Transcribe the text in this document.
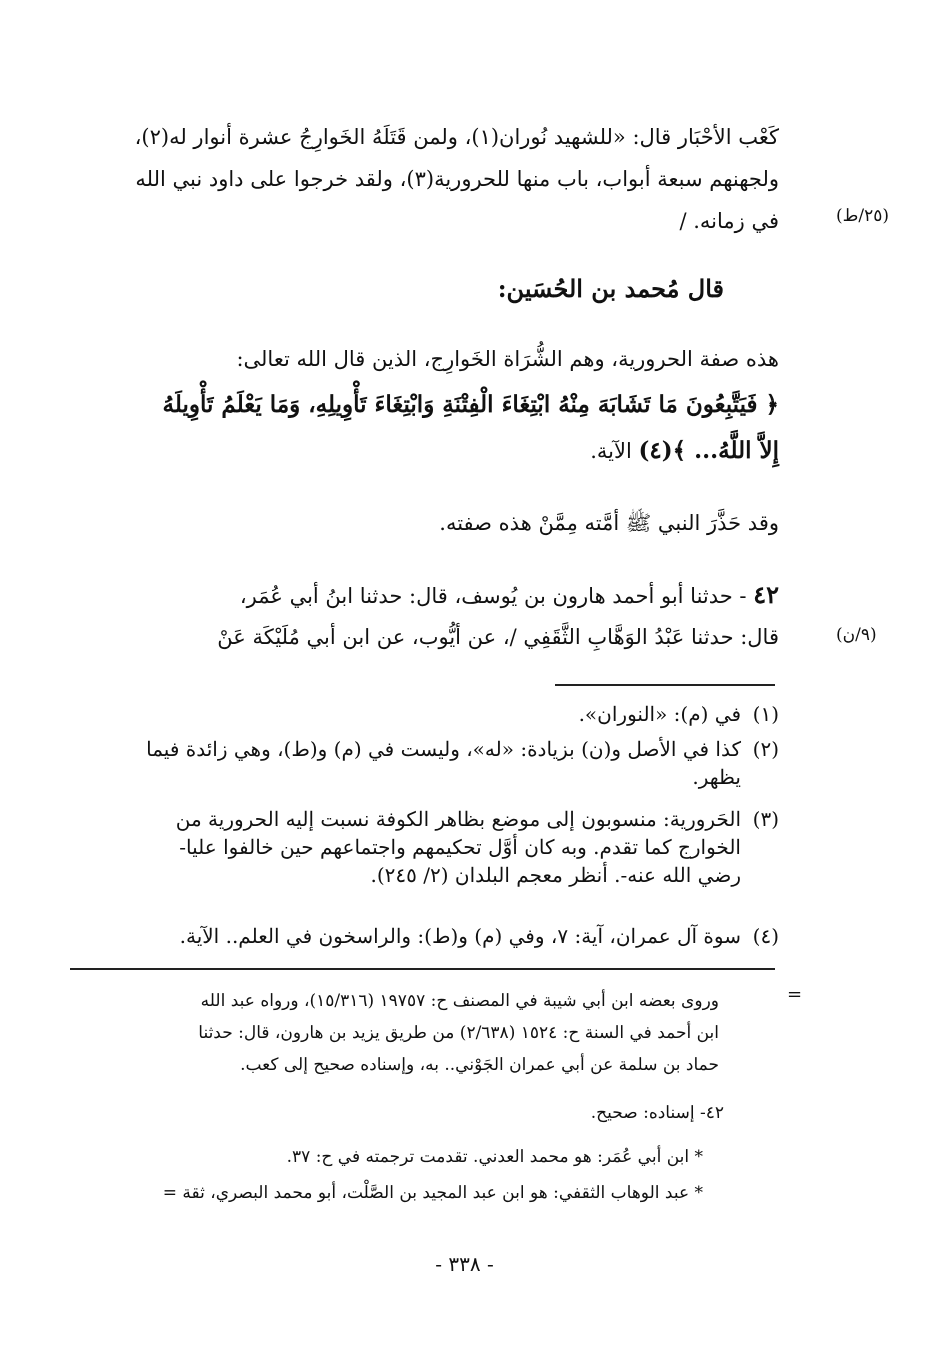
(٢٥/ط)
(٩/ن)
كَعْب الأحْبَار قال: «للشهيد نُوران(١)، ولمن قَتَلَهُ الخَوارِجُ عشرة أنوار له(٢)،
ولجهنهم سبعة أبواب، باب منها للحرورية(٣)، ولقد خرجوا على داود نبي الله
في زمانه. /
قال مُحمد بن الحُسَين:
هذه صفة الحرورية، وهم الشُّرَاة الخَوارِج، الذين قال الله تعالى:
﴿ فَيَتَّبِعُونَ مَا تَشَابَهَ مِنْهُ ابْتِغَاءَ الْفِتْنَةِ وَابْتِغَاءَ تَأْوِيلِهِ، وَمَا يَعْلَمُ تَأْوِيلَهُ
إِلاَّ اللَّهُ... ﴾(٤) الآية.
وقد حَذَّرَ النبي ﷺ أمَّته مِمَّنْ هذه صفته.
٤٢ - حدثنا أبو أحمد هارون بن يُوسف، قال: حدثنا ابنُ أبي عُمَر،
قال: حدثنا عَبْدُ الوَهَّابِ الثَّقَفِي /، عن أيُّوب، عن ابن أبي مُلَيْكَة عَنْ
(١)في (م): «النوران».
(٢)كذا في الأصل و(ن) بزيادة: «له»، وليست في (م) و(ط)، وهي زائدة فيما
يظهر.
(٣)الحَرورية: منسوبون إلى موضع بظاهر الكوفة نسبت إليه الحرورية من
الخوارج كما تقدم. وبه كان أوَّل تحكيمهم واجتماعهم حين خالفوا عليا-
رضي الله عنه-. أنظر معجم البلدان (٢/ ٢٤٥).
(٤)سوة آل عمران، آية: ٧، وفي (م) و(ط): والراسخون في العلم.. الآية.
=
وروى بعضه ابن أبي شيبة في المصنف ح: ١٩٧٥٧ (١٥/٣١٦)، ورواه عبد الله
ابن أحمد في السنة ح: ١٥٢٤ (٢/٦٣٨) من طريق يزيد بن هارون، قال: حدثنا
حماد بن سلمة عن أبي عمران الجَوْني.. به، وإسناده صحيح إلى كعب.
٤٢- إسناده: صحيح.
* ابن أبي عُمَر: هو محمد العدني. تقدمت ترجمته في ح: ٣٧.
* عبد الوهاب الثقفي: هو ابن عبد المجيد بن الصَّلْت، أبو محمد البصري، ثقة =
- ٣٣٨ -
